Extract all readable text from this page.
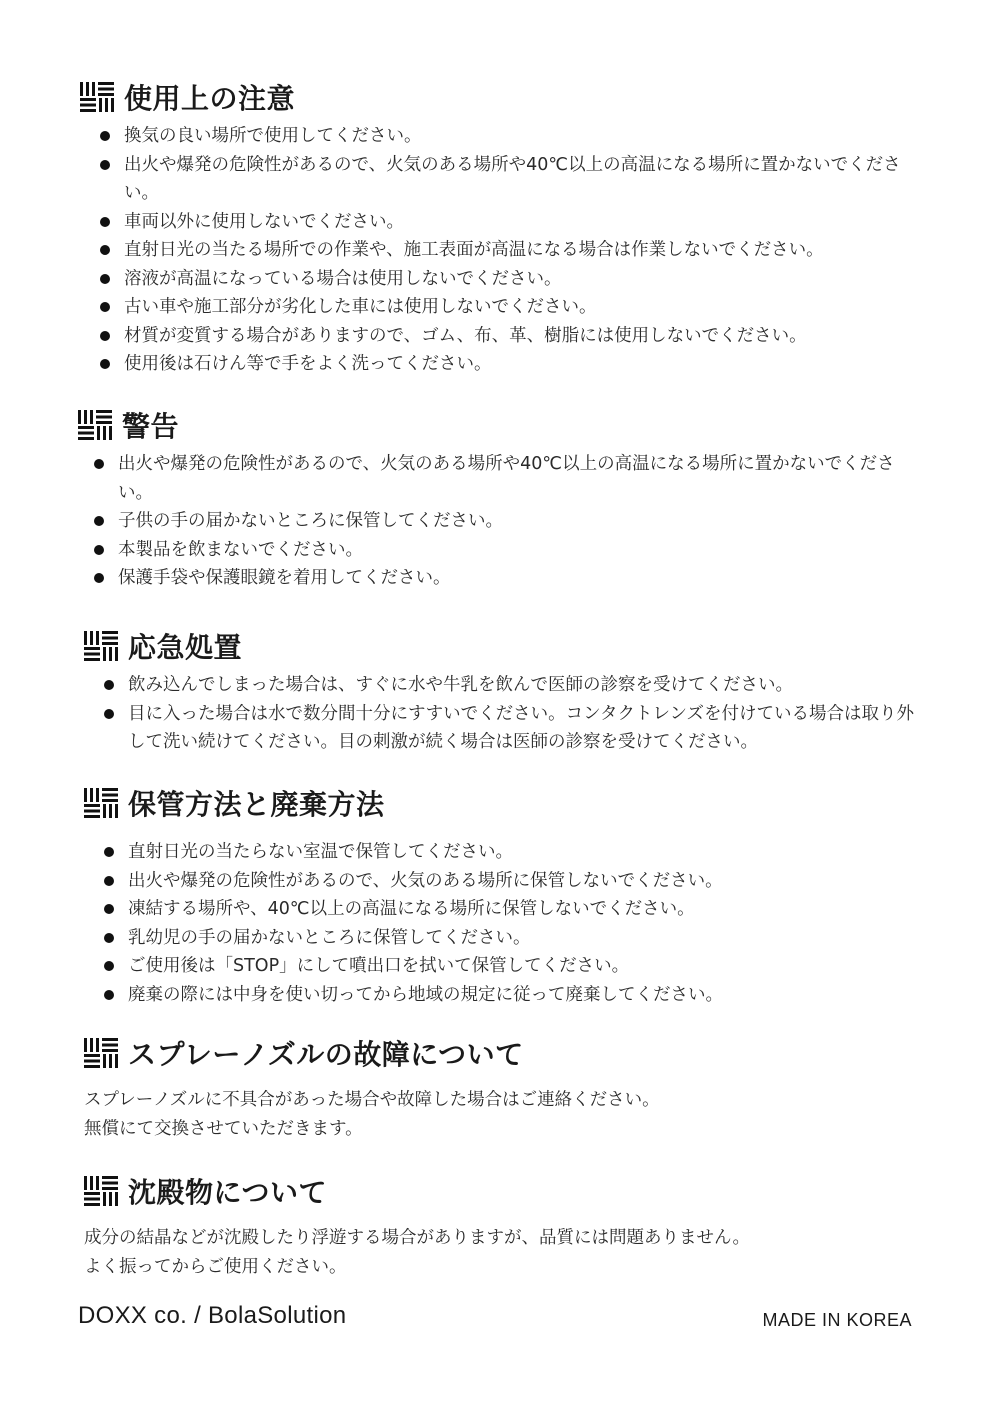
使用上の注意
換気の良い場所で使用してください。
出火や爆発の危険性があるので、火気のある場所や40℃以上の高温になる場所に置かないでください。
車両以外に使用しないでください。
直射日光の当たる場所での作業や、施工表面が高温になる場合は作業しないでください。
溶液が高温になっている場合は使用しないでください。
古い車や施工部分が劣化した車には使用しないでください。
材質が変質する場合がありますので、ゴム、布、革、樹脂には使用しないでください。
使用後は石けん等で手をよく洗ってください。
警告
出火や爆発の危険性があるので、火気のある場所や40℃以上の高温になる場所に置かないでください。
子供の手の届かないところに保管してください。
本製品を飲まないでください。
保護手袋や保護眼鏡を着用してください。
応急処置
飲み込んでしまった場合は、すぐに水や牛乳を飲んで医師の診察を受けてください。
目に入った場合は水で数分間十分にすすいでください。コンタクトレンズを付けている場合は取り外して洗い続けてください。目の刺激が続く場合は医師の診察を受けてください。
保管方法と廃棄方法
直射日光の当たらない室温で保管してください。
出火や爆発の危険性があるので、火気のある場所に保管しないでください。
凍結する場所や、40℃以上の高温になる場所に保管しないでください。
乳幼児の手の届かないところに保管してください。
ご使用後は「STOP」にして噴出口を拭いて保管してください。
廃棄の際には中身を使い切ってから地域の規定に従って廃棄してください。
スプレーノズルの故障について
スプレーノズルに不具合があった場合や故障した場合はご連絡ください。
無償にて交換させていただきます。
沈殿物について
成分の結晶などが沈殿したり浮遊する場合がありますが、品質には問題ありません。
よく振ってからご使用ください。
DOXX co. / BolaSolution	MADE IN KOREA
